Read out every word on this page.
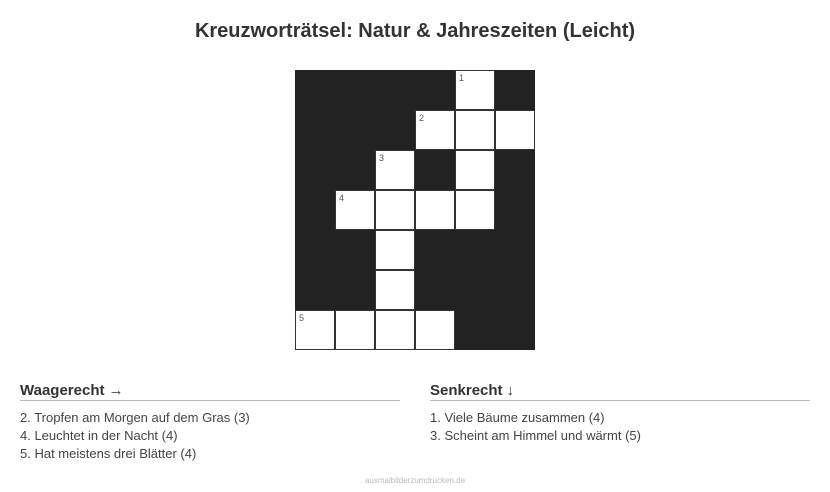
Kreuzworträtsel: Natur & Jahreszeiten (Leicht)
1
2
3
4
5
Waagerecht →
2. Tropfen am Morgen auf dem Gras (3)
4. Leuchtet in der Nacht (4)
5. Hat meistens drei Blätter (4)
Senkrecht ↓
1. Viele Bäume zusammen (4)
3. Scheint am Himmel und wärmt (5)
ausmalbilderzumdrucken.de
